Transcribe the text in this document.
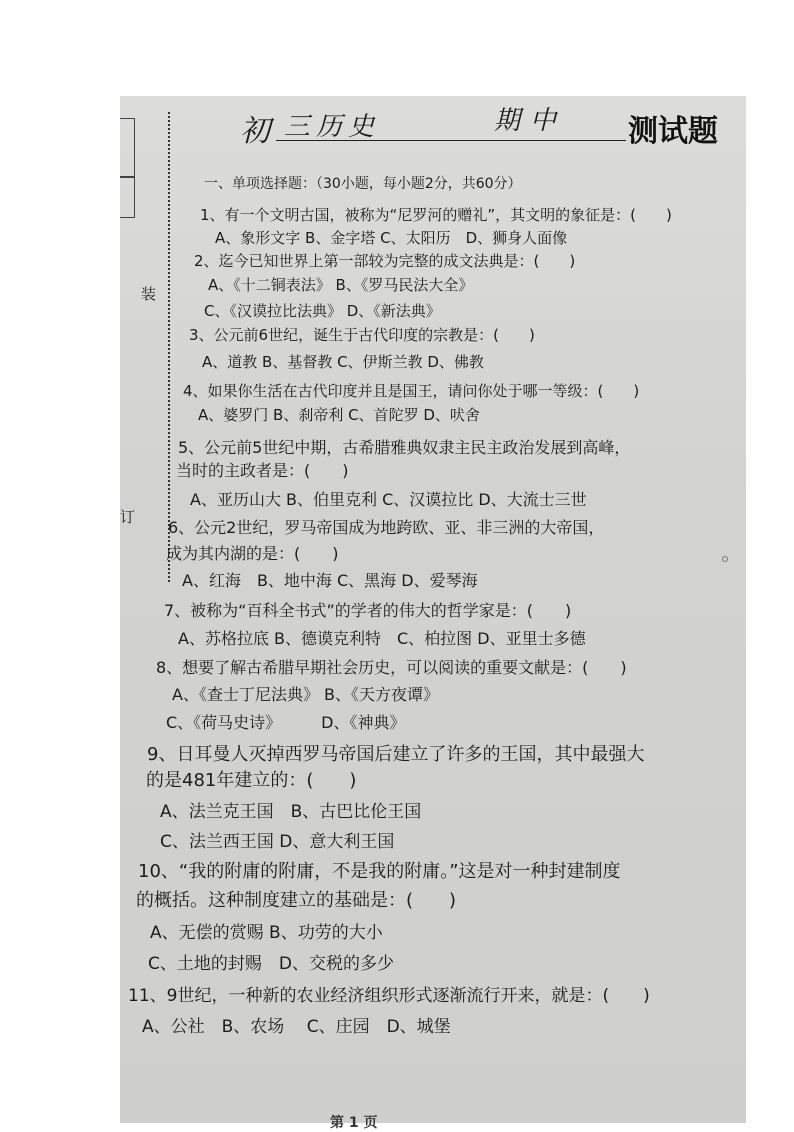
装
订
初 三历史	期中 测试题
一、单项选择题：（30小题，每小题2分，共60分）
1、有一个文明古国，被称为“尼罗河的赠礼”，其文明的象征是：(　　)
A、象形文字 B、金字塔 C、太阳历　D、狮身人面像
2、迄今已知世界上第一部较为完整的成文法典是：(　　)
A、《十二铜表法》 B、《罗马民法大全》
C、《汉谟拉比法典》 D、《新法典》
3、公元前6世纪，诞生于古代印度的宗教是：(　　)
A、道教 B、基督教 C、伊斯兰教 D、佛教
4、如果你生活在古代印度并且是国王，请问你处于哪一等级：(　　)
A、婆罗门 B、刹帝利 C、首陀罗 D、吠舍
5、公元前5世纪中期，古希腊雅典奴隶主民主政治发展到高峰，
当时的主政者是：(　　)
A、亚历山大 B、伯里克利 C、汉谟拉比 D、大流士三世
6、公元2世纪，罗马帝国成为地跨欧、亚、非三洲的大帝国，
成为其内湖的是：(　　)
A、红海　B、地中海 C、黑海 D、爱琴海
7、被称为“百科全书式”的学者的伟大的哲学家是：(　　)
A、苏格拉底 B、德谟克利特　C、柏拉图 D、亚里士多德
8、想要了解古希腊早期社会历史，可以阅读的重要文献是：(　　)
A、《查士丁尼法典》 B、《天方夜谭》
C、《荷马史诗》　　　D、《神典》
9、日耳曼人灭掉西罗马帝国后建立了许多的王国，其中最强大
的是481年建立的：(　　)
A、法兰克王国　B、古巴比伦王国
C、法兰西王国 D、意大利王国
10、“我的附庸的附庸，不是我的附庸。”这是对一种封建制度
的概括。这种制度建立的基础是：(　　)
A、无偿的赏赐 B、功劳的大小
C、土地的封赐　D、交税的多少
11、9世纪，一种新的农业经济组织形式逐渐流行开来，就是：(　　)
A、公社　B、农场　 C、庄园　D、城堡
第 1 页
